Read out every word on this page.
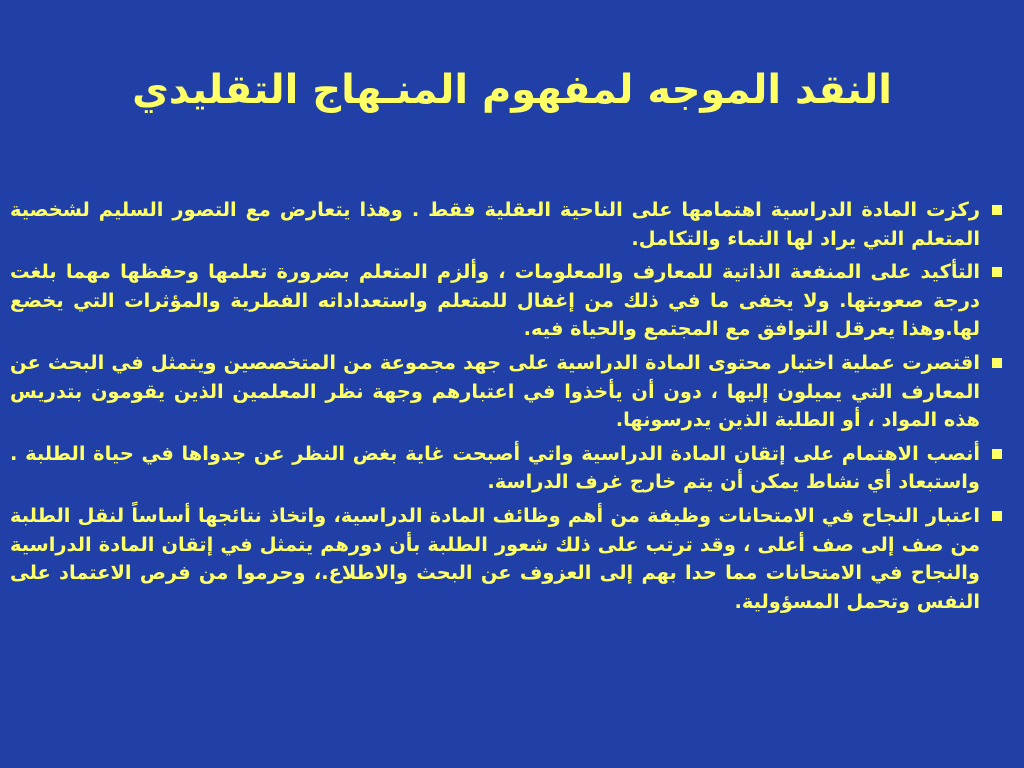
النقد الموجه لمفهوم المنـهاج التقليدي
ركزت المادة الدراسية اهتمامها على الناحية العقلية فقط . وهذا يتعارض مع التصور السليم لشخصية المتعلم التي يراد لها النماء والتكامل.
التأكيد على المنفعة الذاتية للمعارف والمعلومات ، وألزم المتعلم بضرورة تعلمها وحفظها مهما بلغت درجة صعوبتها. ولا يخفى ما في ذلك من إغفال للمتعلم واستعداداته الفطرية والمؤثرات التي يخضع لها.وهذا يعرقل التوافق مع المجتمع والحياة فيه.
اقتصرت عملية اختيار محتوى المادة الدراسية على جهد مجموعة من المتخصصين ويتمثل في البحث عن المعارف التي يميلون إليها ، دون أن يأخذوا في اعتبارهم وجهة نظر المعلمين الذين يقومون بتدريس هذه المواد ، أو الطلبة الذين يدرسونها.
أنصب الاهتمام على إتقان المادة الدراسية واتي أصبحت غاية بغض النظر عن جدواها في حياة الطلبة . واستبعاد أي نشاط يمكن أن يتم خارج غرف الدراسة.
اعتبار النجاح في الامتحانات وظيفة من أهم وظائف المادة الدراسية، واتخاذ نتائجها أساساً لنقل الطلبة من صف إلى صف أعلى ، وقد ترتب على ذلك شعور الطلبة بأن دورهم يتمثل في إتقان المادة الدراسية والنجاح في الامتحانات مما حدا بهم إلى العزوف عن البحث والاطلاع.، وحرموا من فرص الاعتماد على النفس وتحمل المسؤولية.
